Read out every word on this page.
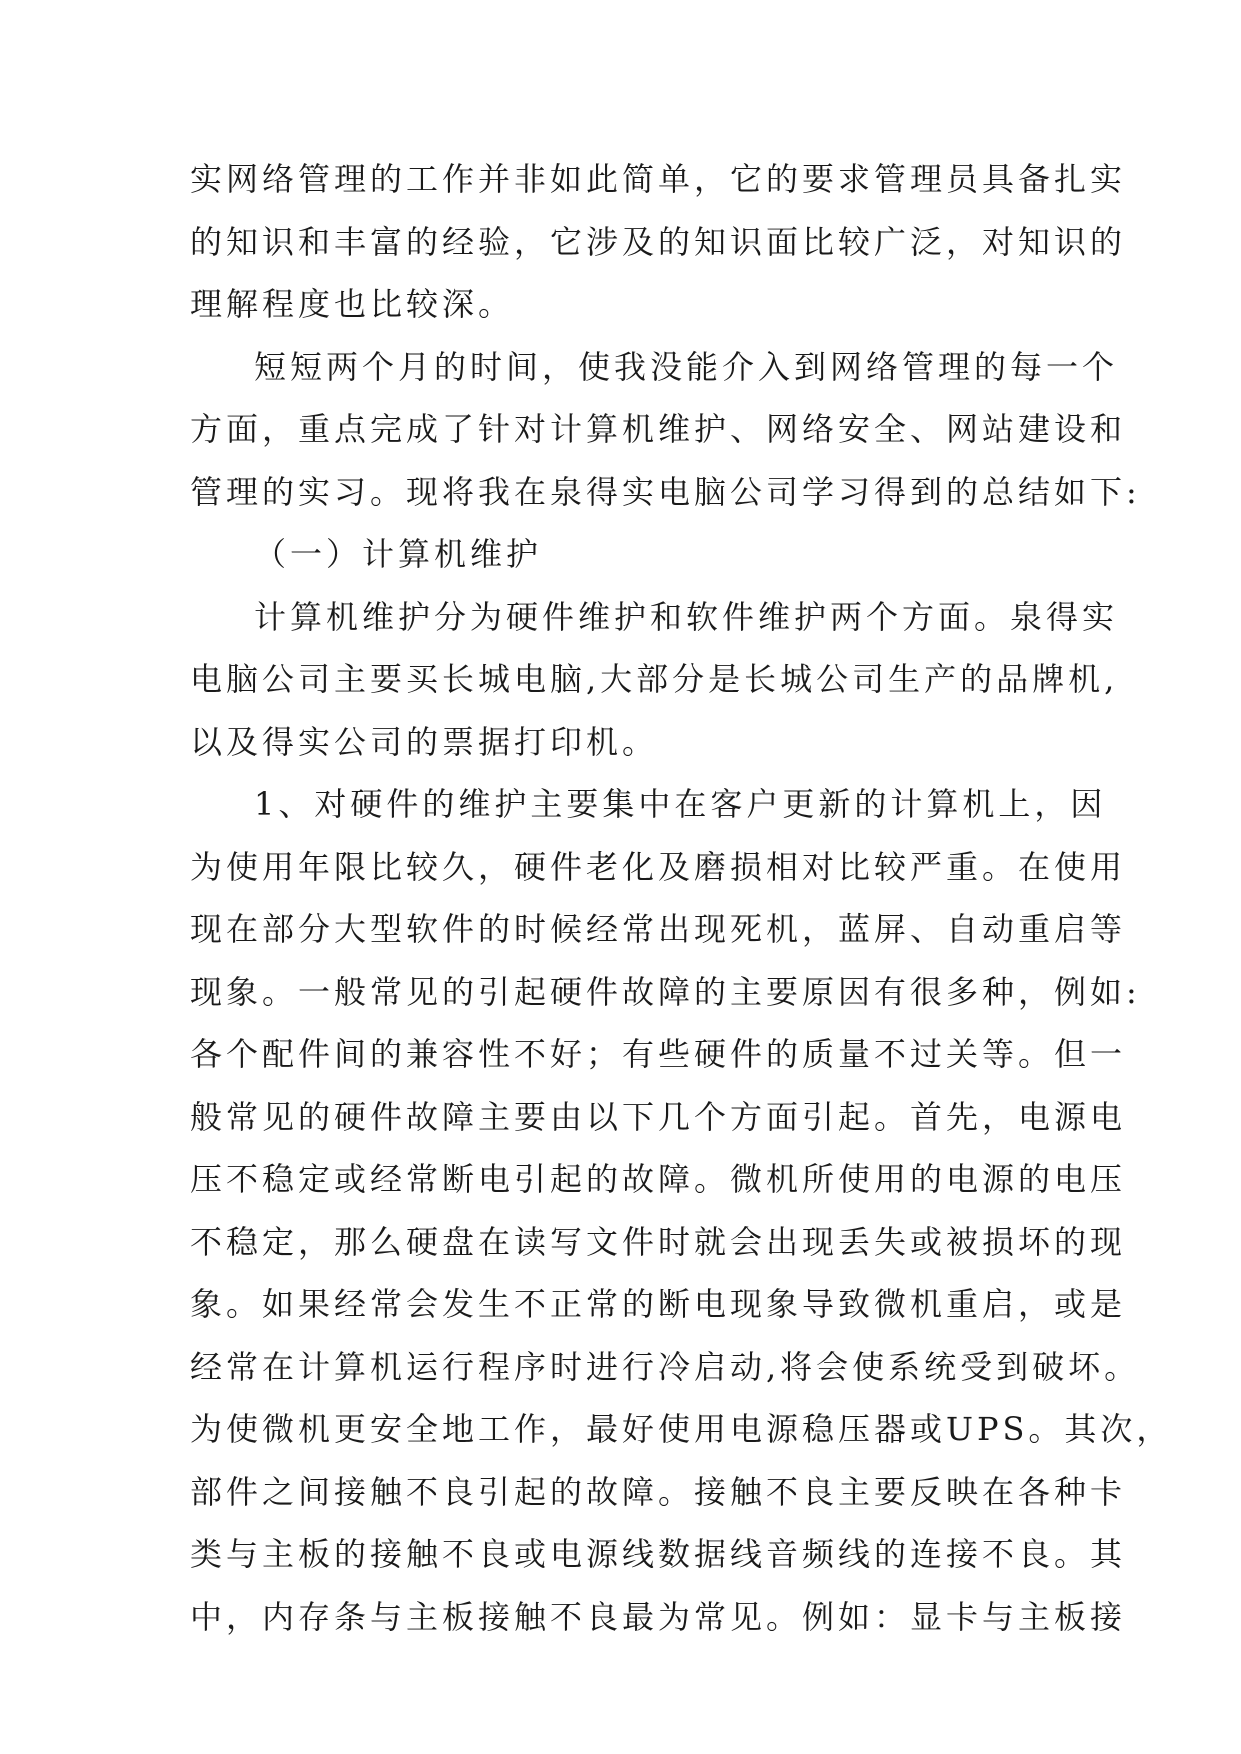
实网络管理的工作并非如此简单，它的要求管理员具备扎实
的知识和丰富的经验，它涉及的知识面比较广泛，对知识的
理解程度也比较深。
短短两个月的时间，使我没能介入到网络管理的每一个
方面，重点完成了针对计算机维护、网络安全、网站建设和
管理的实习。现将我在泉得实电脑公司学习得到的总结如下:
（一）计算机维护
计算机维护分为硬件维护和软件维护两个方面。泉得实
电脑公司主要买长城电脑,大部分是长城公司生产的品牌机,
以及得实公司的票据打印机。
1、对硬件的维护主要集中在客户更新的计算机上，因
为使用年限比较久，硬件老化及磨损相对比较严重。在使用
现在部分大型软件的时候经常出现死机，蓝屏、自动重启等
现象。一般常见的引起硬件故障的主要原因有很多种，例如:
各个配件间的兼容性不好；有些硬件的质量不过关等。但一
般常见的硬件故障主要由以下几个方面引起。首先，电源电
压不稳定或经常断电引起的故障。微机所使用的电源的电压
不稳定，那么硬盘在读写文件时就会出现丢失或被损坏的现
象。如果经常会发生不正常的断电现象导致微机重启，或是
经常在计算机运行程序时进行冷启动,将会使系统受到破坏。
为使微机更安全地工作，最好使用电源稳压器或UPS。其次，
部件之间接触不良引起的故障。接触不良主要反映在各种卡
类与主板的接触不良或电源线数据线音频线的连接不良。其
中，内存条与主板接触不良最为常见。例如：显卡与主板接
